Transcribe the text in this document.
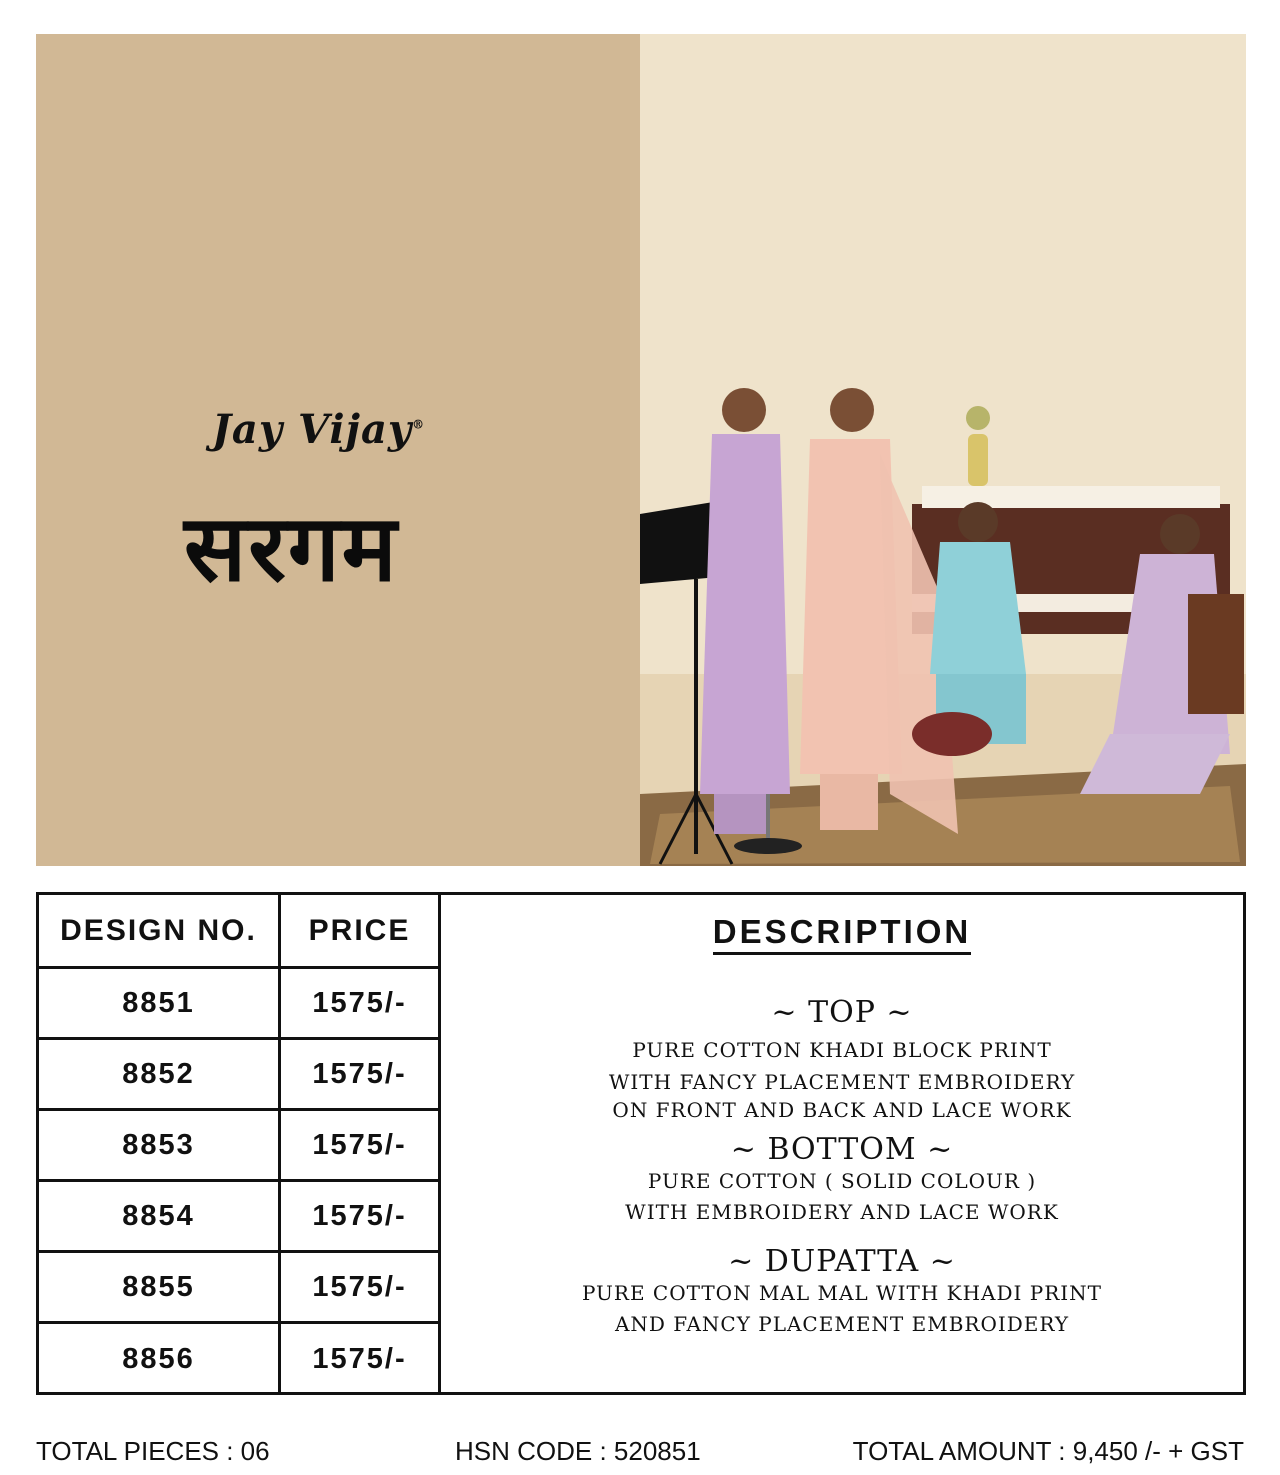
Jay Vijay®
सरगम
DESIGN NO.
8851
8852
8853
8854
8855
8856
PRICE
1575/-
1575/-
1575/-
1575/-
1575/-
1575/-
DESCRIPTION
~ TOP ~
PURE COTTON KHADI BLOCK PRINT
WITH FANCY PLACEMENT EMBROIDERY
ON FRONT AND BACK AND LACE WORK
~ BOTTOM ~
PURE COTTON ( SOLID COLOUR )
WITH EMBROIDERY AND LACE WORK
~ DUPATTA ~
PURE COTTON MAL MAL WITH KHADI PRINT
AND FANCY PLACEMENT EMBROIDERY
TOTAL PIECES : 06	HSN CODE : 520851	TOTAL AMOUNT : 9,450 /- + GST
